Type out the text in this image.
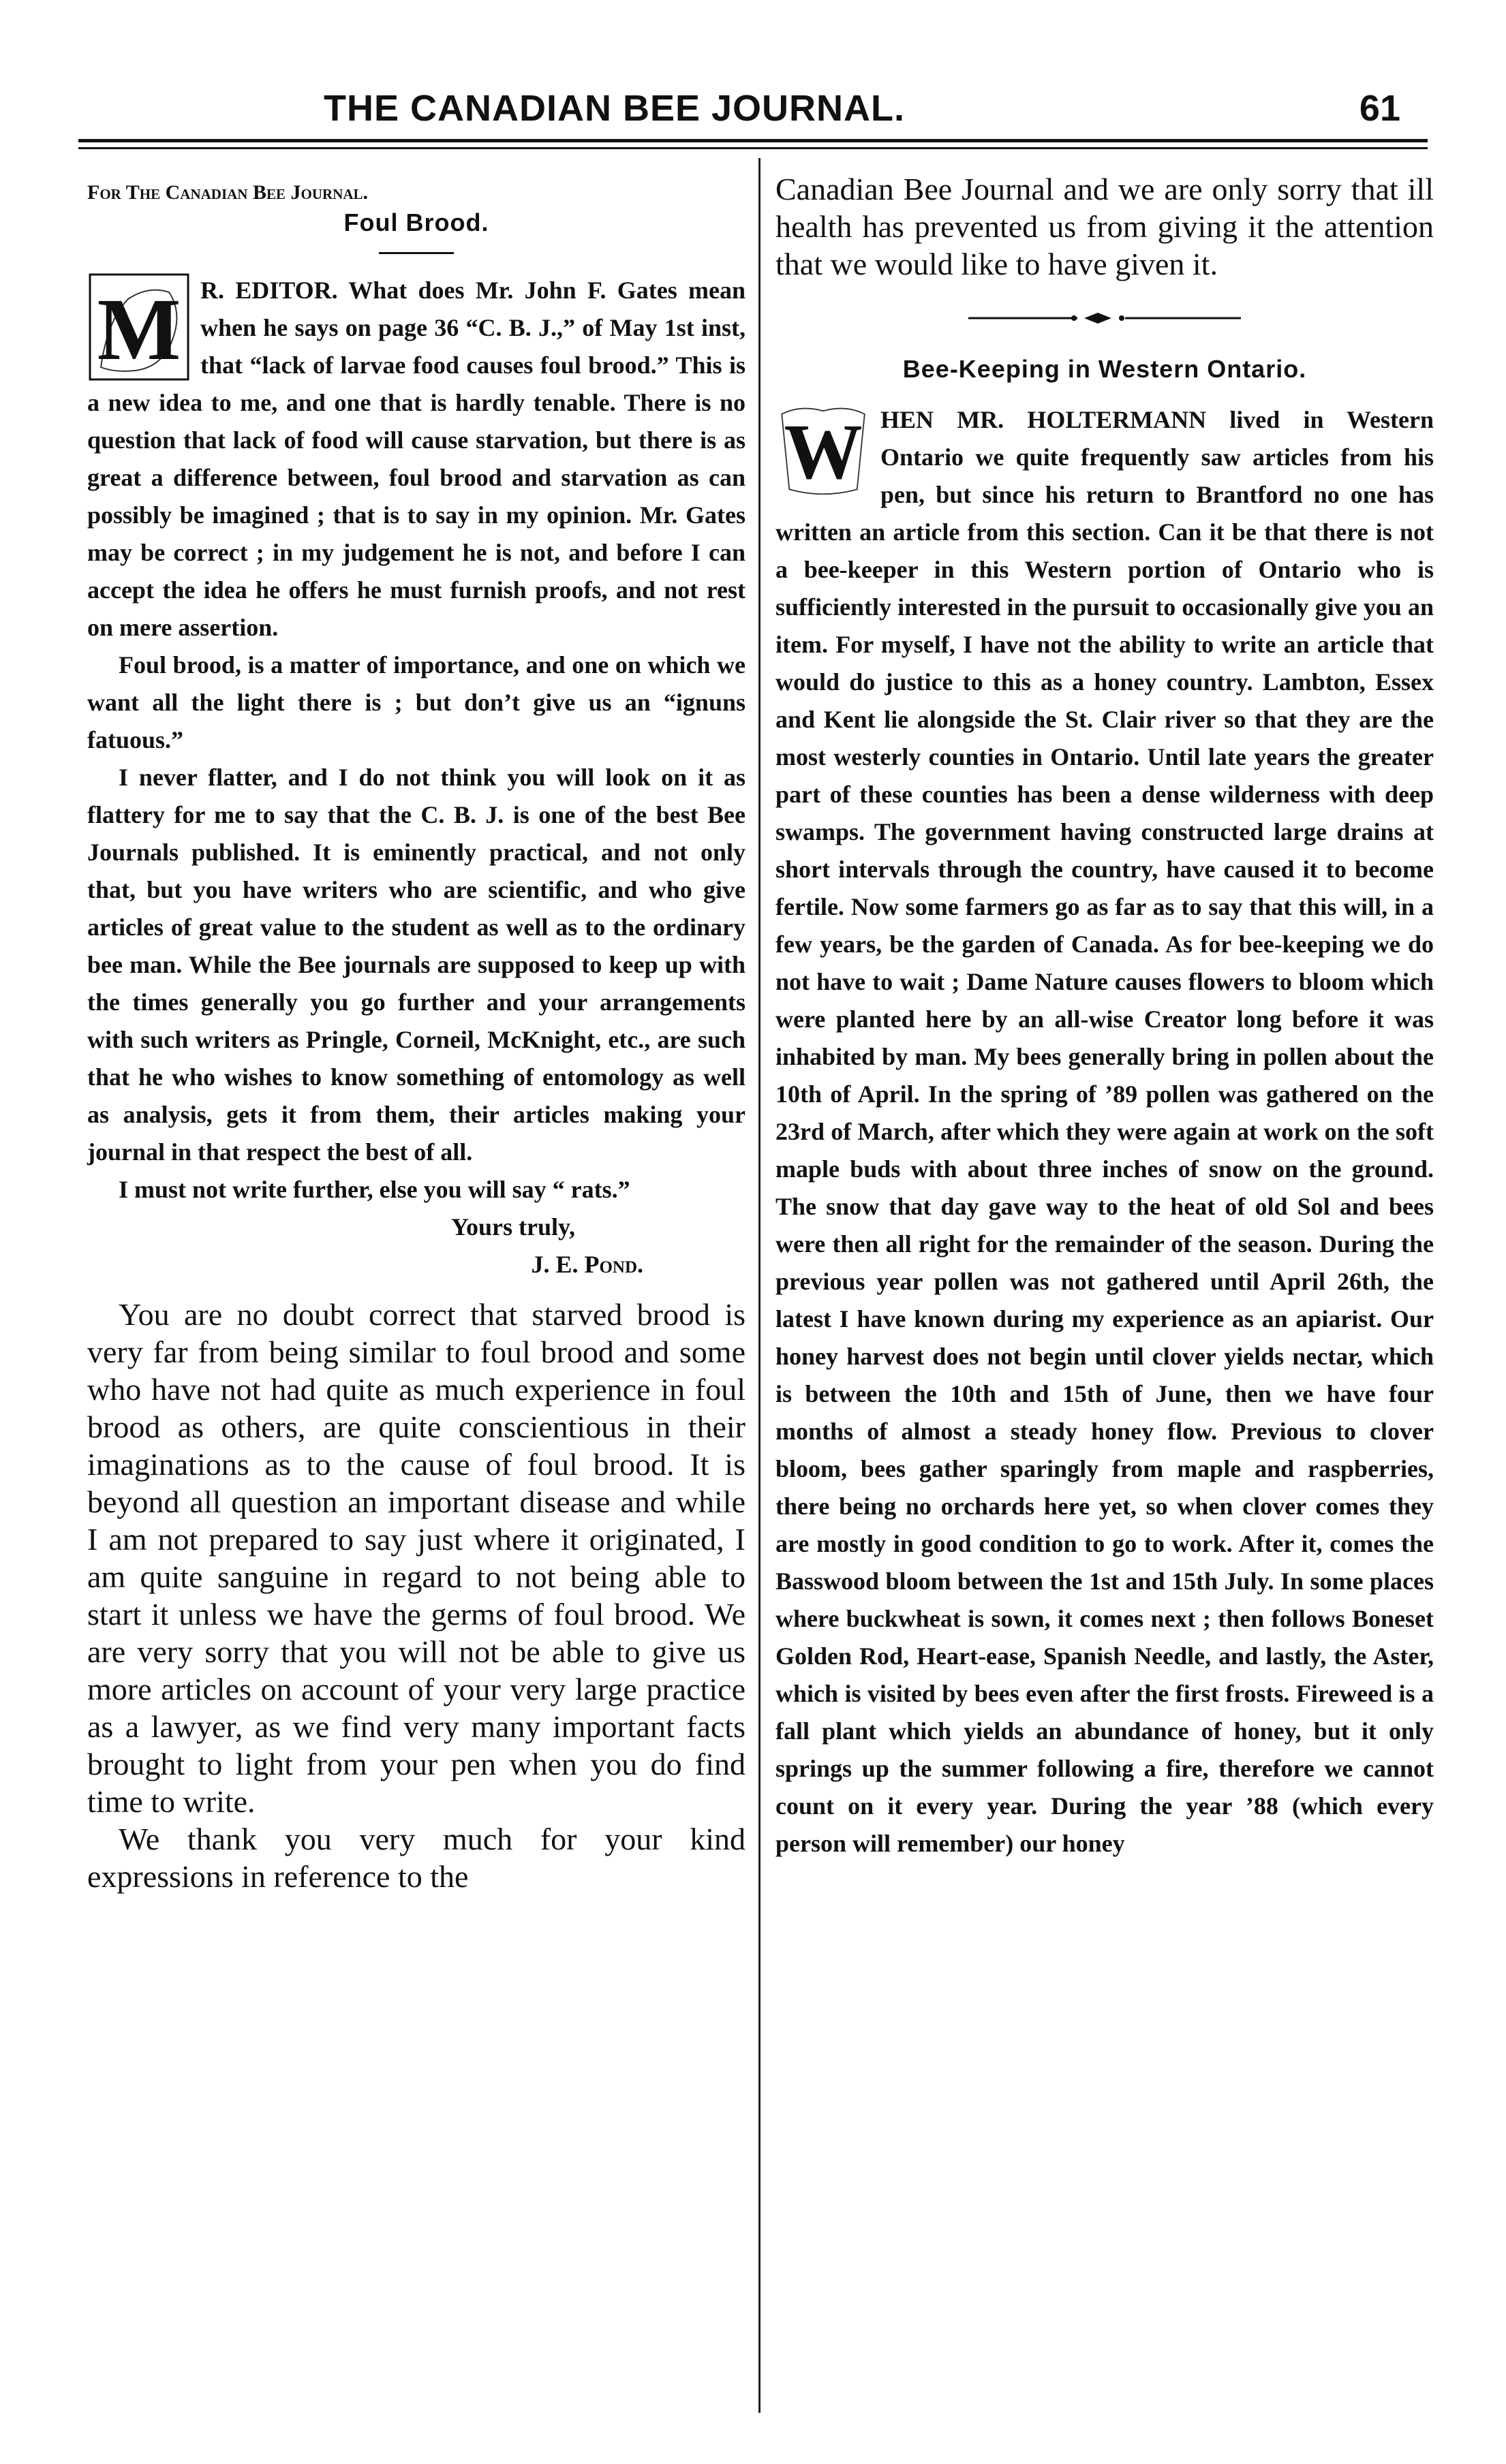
THE CANADIAN BEE JOURNAL.	61
For The Canadian Bee Journal.
Foul Brood.
M R. EDITOR. What does Mr. John F. Gates mean when he says on page 36 “C. B. J.,” of May 1st inst, that “lack of larvae food causes foul brood.” This is a new idea to me, and one that is hardly tenable. There is no question that lack of food will cause starvation, but there is as great a difference between, foul brood and starvation as can possibly be imagined ; that is to say in my opinion. Mr. Gates may be correct ; in my judgement he is not, and before I can accept the idea he offers he must furnish proofs, and not rest on mere assertion.

Foul brood, is a matter of importance, and one on which we want all the light there is ; but don’t give us an “ignuns fatuous.”

I never flatter, and I do not think you will look on it as flattery for me to say that the C. B. J. is one of the best Bee Journals published. It is eminently practical, and not only that, but you have writers who are scientific, and who give articles of great value to the student as well as to the ordinary bee man. While the Bee journals are supposed to keep up with the times generally you go further and your arrangements with such writers as Pringle, Corneil, McKnight, etc., are such that he who wishes to know something of entomology as well as analysis, gets it from them, their articles making your journal in that respect the best of all.

I must not write further, else you will say “ rats.”

Yours truly,

J. E. Pond.

You are no doubt correct that starved brood is very far from being similar to foul brood and some who have not had quite as much experience in foul brood as others, are quite conscientious in their imaginations as to the cause of foul brood. It is beyond all question an important disease and while I am not prepared to say just where it originated, I am quite sanguine in regard to not being able to start it unless we have the germs of foul brood. We are very sorry that you will not be able to give us more articles on account of your very large practice as a lawyer, as we find very many important facts brought to light from your pen when you do find time to write.

We thank you very much for your kind expressions in reference to the

Canadian Bee Journal and we are only sorry that ill health has prevented us from giving it the attention that we would like to have given it.

Bee-Keeping in Western Ontario.
W HEN MR. HOLTERMANN lived in Western Ontario we quite frequently saw articles from his pen, but since his return to Brantford no one has written an article from this section. Can it be that there is not a bee-keeper in this Western portion of Ontario who is sufficiently interested in the pursuit to occasionally give you an item. For myself, I have not the ability to write an article that would do justice to this as a honey country. Lambton, Essex and Kent lie alongside the St. Clair river so that they are the most westerly counties in Ontario. Until late years the greater part of these counties has been a dense wilderness with deep swamps. The government having constructed large drains at short intervals through the country, have caused it to become fertile. Now some farmers go as far as to say that this will, in a few years, be the garden of Canada. As for bee-keeping we do not have to wait ; Dame Nature causes flowers to bloom which were planted here by an all-wise Creator long before it was inhabited by man. My bees generally bring in pollen about the 10th of April. In the spring of ’89 pollen was gathered on the 23rd of March, after which they were again at work on the soft maple buds with about three inches of snow on the ground. The snow that day gave way to the heat of old Sol and bees were then all right for the remainder of the season. During the previous year pollen was not gathered until April 26th, the latest I have known during my experience as an apiarist. Our honey harvest does not begin until clover yields nectar, which is between the 10th and 15th of June, then we have four months of almost a steady honey flow. Previous to clover bloom, bees gather sparingly from maple and raspberries, there being no orchards here yet, so when clover comes they are mostly in good condition to go to work. After it, comes the Basswood bloom between the 1st and 15th July. In some places where buckwheat is sown, it comes next ; then follows Boneset Golden Rod, Heart-ease, Spanish Needle, and lastly, the Aster, which is visited by bees even after the first frosts. Fireweed is a fall plant which yields an abundance of honey, but it only springs up the summer following a fire, therefore we cannot count on it every year. During the year ’88 (which every person will remember) our honey
